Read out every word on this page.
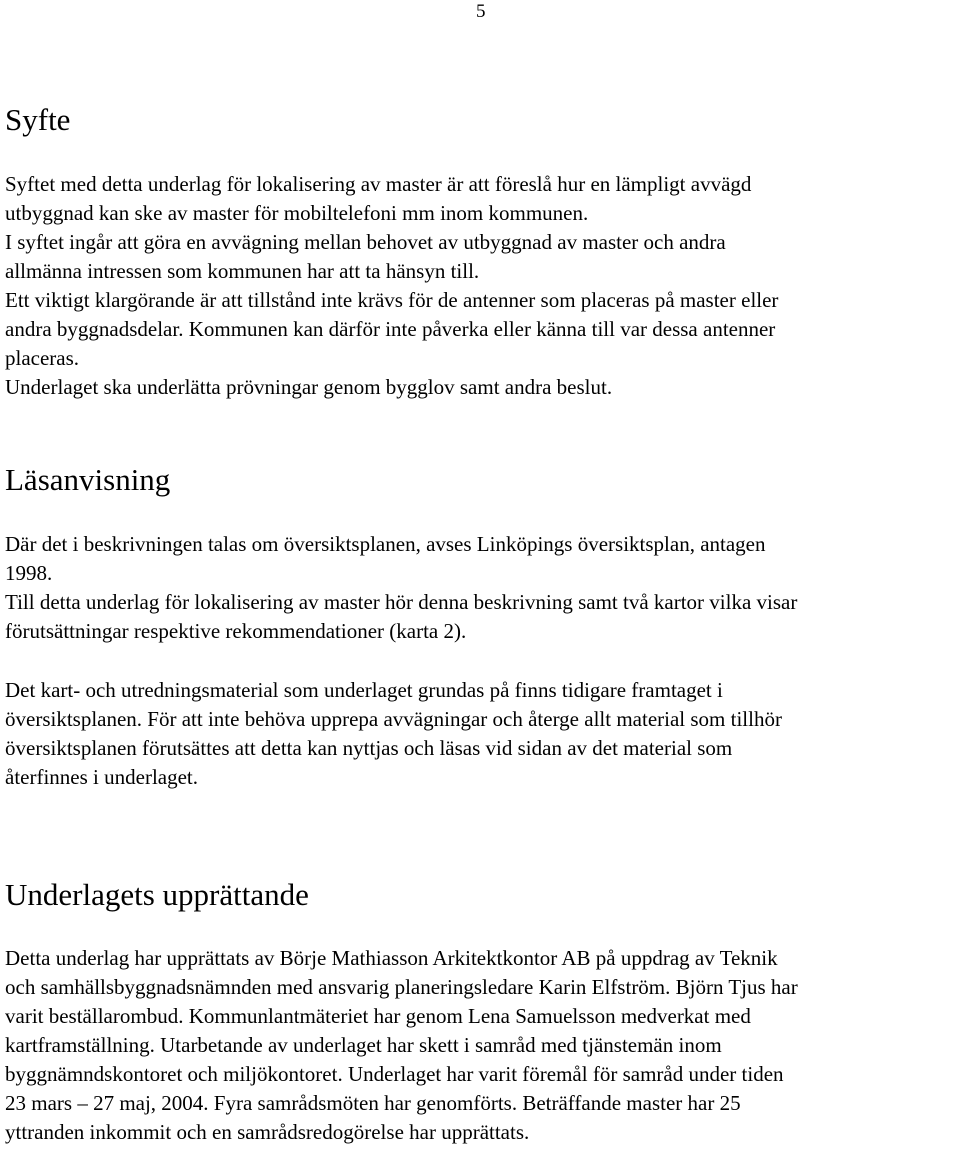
5
Syfte
Syftet med detta underlag för lokalisering av master är att föreslå hur en lämpligt avvägd
utbyggnad kan ske av master för mobiltelefoni mm inom kommunen.
I syftet ingår att göra en avvägning mellan behovet av utbyggnad av master och andra
allmänna intressen som kommunen har att ta hänsyn till.
Ett viktigt klargörande är att tillstånd inte krävs för de antenner som placeras på master eller
andra byggnadsdelar. Kommunen kan därför inte påverka eller känna till var dessa antenner
placeras.
Underlaget ska underlätta prövningar genom bygglov samt andra beslut.
Läsanvisning
Där det i beskrivningen talas om översiktsplanen, avses Linköpings översiktsplan, antagen
1998.
Till detta underlag för lokalisering av master hör denna beskrivning samt två kartor vilka visar
förutsättningar respektive rekommendationer (karta 2).
Det kart- och utredningsmaterial som underlaget grundas på finns tidigare framtaget i
översiktsplanen. För att inte behöva upprepa avvägningar och återge allt material som tillhör
översiktsplanen förutsättes att detta kan nyttjas och läsas vid sidan av det material som
återfinnes i underlaget.
Underlagets upprättande
Detta underlag har upprättats av Börje Mathiasson Arkitektkontor AB på uppdrag av Teknik
och samhällsbyggnadsnämnden med ansvarig planeringsledare Karin Elfström. Björn Tjus har
varit beställarombud. Kommunlantmäteriet har genom Lena Samuelsson medverkat med
kartframställning. Utarbetande av underlaget har skett i samråd med tjänstemän inom
byggnämndskontoret och miljökontoret. Underlaget har varit föremål för samråd under tiden
23 mars – 27 maj, 2004. Fyra samrådsmöten har genomförts. Beträffande master har 25
yttranden inkommit och en samrådsredogörelse har upprättats.
